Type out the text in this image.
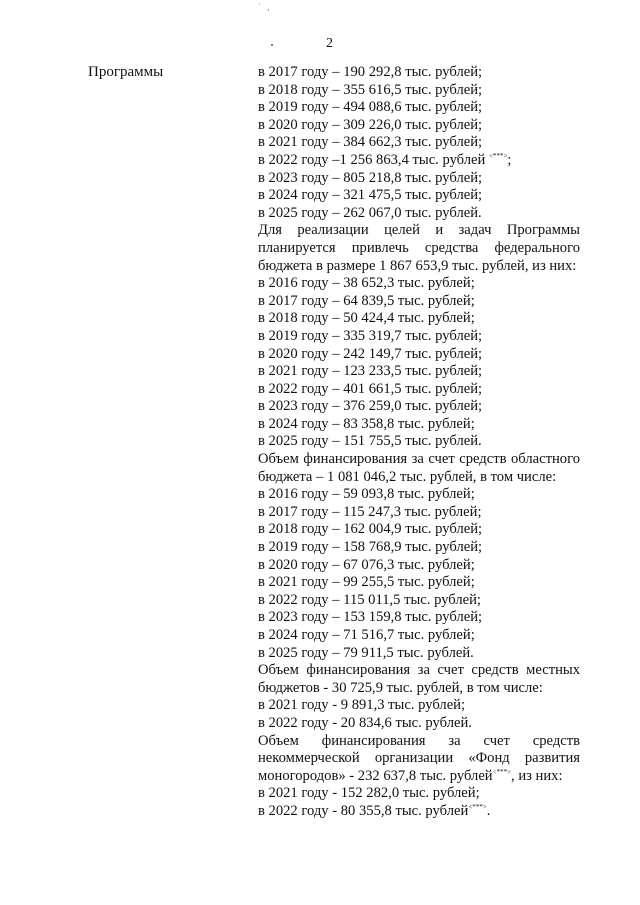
˙ ,
2
Программы	в 2017 году – 190 292,8 тыс. рублей;

в 2018 году – 355 616,5 тыс. рублей;

в 2019 году – 494 088,6 тыс. рублей;

в 2020 году – 309 226,0 тыс. рублей;

в 2021 году – 384 662,3 тыс. рублей;

в 2022 году –1 256 863,4 тыс. рублей <***>;

в 2023 году – 805 218,8 тыс. рублей;

в 2024 году – 321 475,5 тыс. рублей;

в 2025 году – 262 067,0 тыс. рублей.

Для реализации целей и задач Программы планируется привлечь средства федерального бюджета в размере 1 867 653,9 тыс. рублей, из них:

в 2016 году – 38 652,3 тыс. рублей;

в 2017 году – 64 839,5 тыс. рублей;

в 2018 году – 50 424,4 тыс. рублей;

в 2019 году – 335 319,7 тыс. рублей;

в 2020 году – 242 149,7 тыс. рублей;

в 2021 году – 123 233,5 тыс. рублей;

в 2022 году – 401 661,5 тыс. рублей;

в 2023 году – 376 259,0 тыс. рублей;

в 2024 году – 83 358,8 тыс. рублей;

в 2025 году – 151 755,5 тыс. рублей.

Объем финансирования за счет средств областного бюджета – 1 081 046,2 тыс. рублей, в том числе:

в 2016 году – 59 093,8 тыс. рублей;

в 2017 году – 115 247,3 тыс. рублей;

в 2018 году – 162 004,9 тыс. рублей;

в 2019 году – 158 768,9 тыс. рублей;

в 2020 году – 67 076,3 тыс. рублей;

в 2021 году – 99 255,5 тыс. рублей;

в 2022 году – 115 011,5 тыс. рублей;

в 2023 году – 153 159,8 тыс. рублей;

в 2024 году – 71 516,7 тыс. рублей;

в 2025 году – 79 911,5 тыс. рублей.

Объем финансирования за счет средств местных бюджетов - 30 725,9 тыс. рублей, в том числе:

в 2021 году - 9 891,3 тыс. рублей;

в 2022 году - 20 834,6 тыс. рублей.

Объем финансирования за счет средств некоммерческой организации «Фонд развития моногородов» - 232 637,8 тыс. рублей<***>, из них:

в 2021 году - 152 282,0 тыс. рублей;

в 2022 году - 80 355,8 тыс. рублей<***>.
